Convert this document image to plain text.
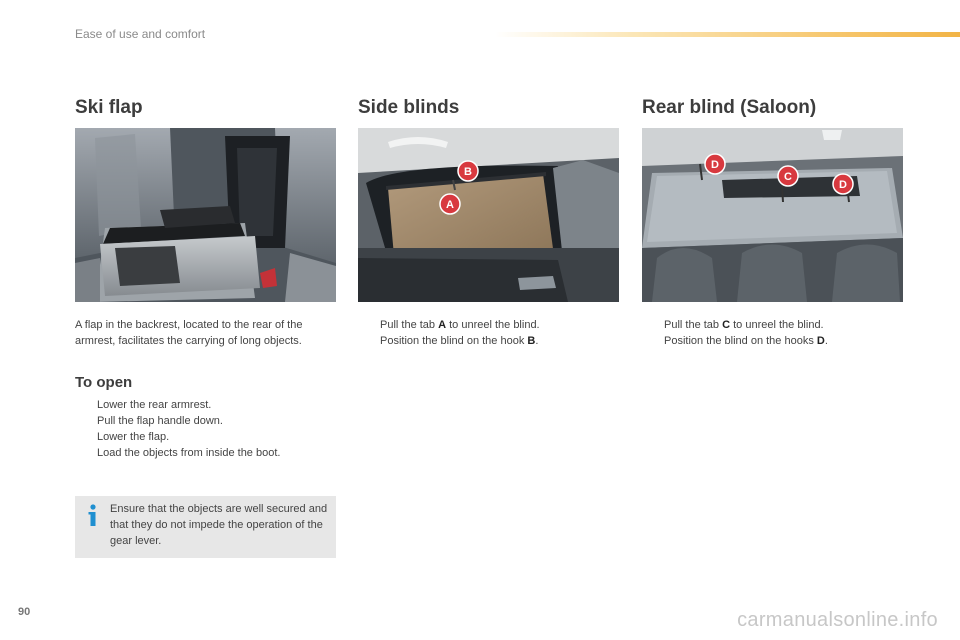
Ease of use and comfort
Ski flap

A flap in the backrest, located to the rear of the armrest, facilitates the carrying of long objects.

To open
Lower the rear armrest.
Pull the flap handle down.
Lower the flap.
Load the objects from inside the boot.
Ensure that the objects are well secured and that they do not impede the operation of the gear lever.
Side blinds
B
A
Pull the tab A to unreel the blind.
Position the blind on the hook B.
Rear blind (Saloon)
D
C
D
Pull the tab C to unreel the blind.
Position the blind on the hooks D.
90	carmanualsonline.info
